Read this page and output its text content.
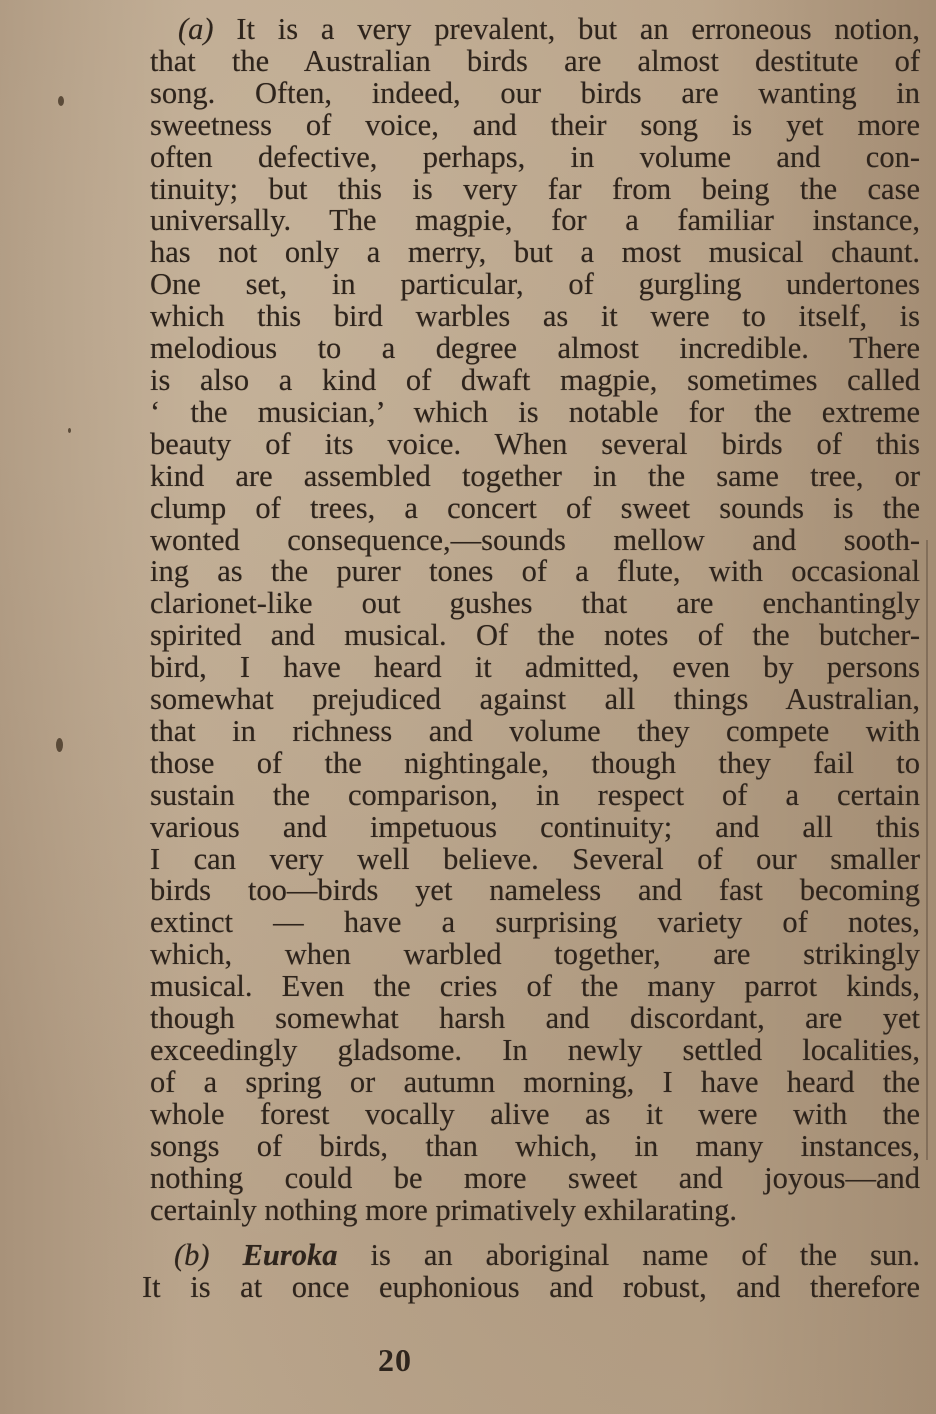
(a) It is a very prevalent, but an erroneous notion,
that the Australian birds are almost destitute of
song. Often, indeed, our birds are wanting in
sweetness of voice, and their song is yet more
often defective, perhaps, in volume and con-
tinuity; but this is very far from being the case
universally. The magpie, for a familiar instance,
has not only a merry, but a most musical chaunt.
One set, in particular, of gurgling undertones
which this bird warbles as it were to itself, is
melodious to a degree almost incredible. There
is also a kind of dwaft magpie, sometimes called
‘ the musician,’ which is notable for the extreme
beauty of its voice. When several birds of this
kind are assembled together in the same tree, or
clump of trees, a concert of sweet sounds is the
wonted consequence,—sounds mellow and sooth-
ing as the purer tones of a flute, with occasional
clarionet-like out gushes that are enchantingly
spirited and musical. Of the notes of the butcher-
bird, I have heard it admitted, even by persons
somewhat prejudiced against all things Australian,
that in richness and volume they compete with
those of the nightingale, though they fail to
sustain the comparison, in respect of a certain
various and impetuous continuity; and all this
I can very well believe. Several of our smaller
birds too—birds yet nameless and fast becoming
extinct — have a surprising variety of notes,
which, when warbled together, are strikingly
musical. Even the cries of the many parrot kinds,
though somewhat harsh and discordant, are yet
exceedingly gladsome. In newly settled localities,
of a spring or autumn morning, I have heard the
whole forest vocally alive as it were with the
songs of birds, than which, in many instances,
nothing could be more sweet and joyous—and
certainly nothing more primatively exhilarating.

(b) Euroka is an aboriginal name of the sun.
It is at once euphonious and robust, and therefore

20
